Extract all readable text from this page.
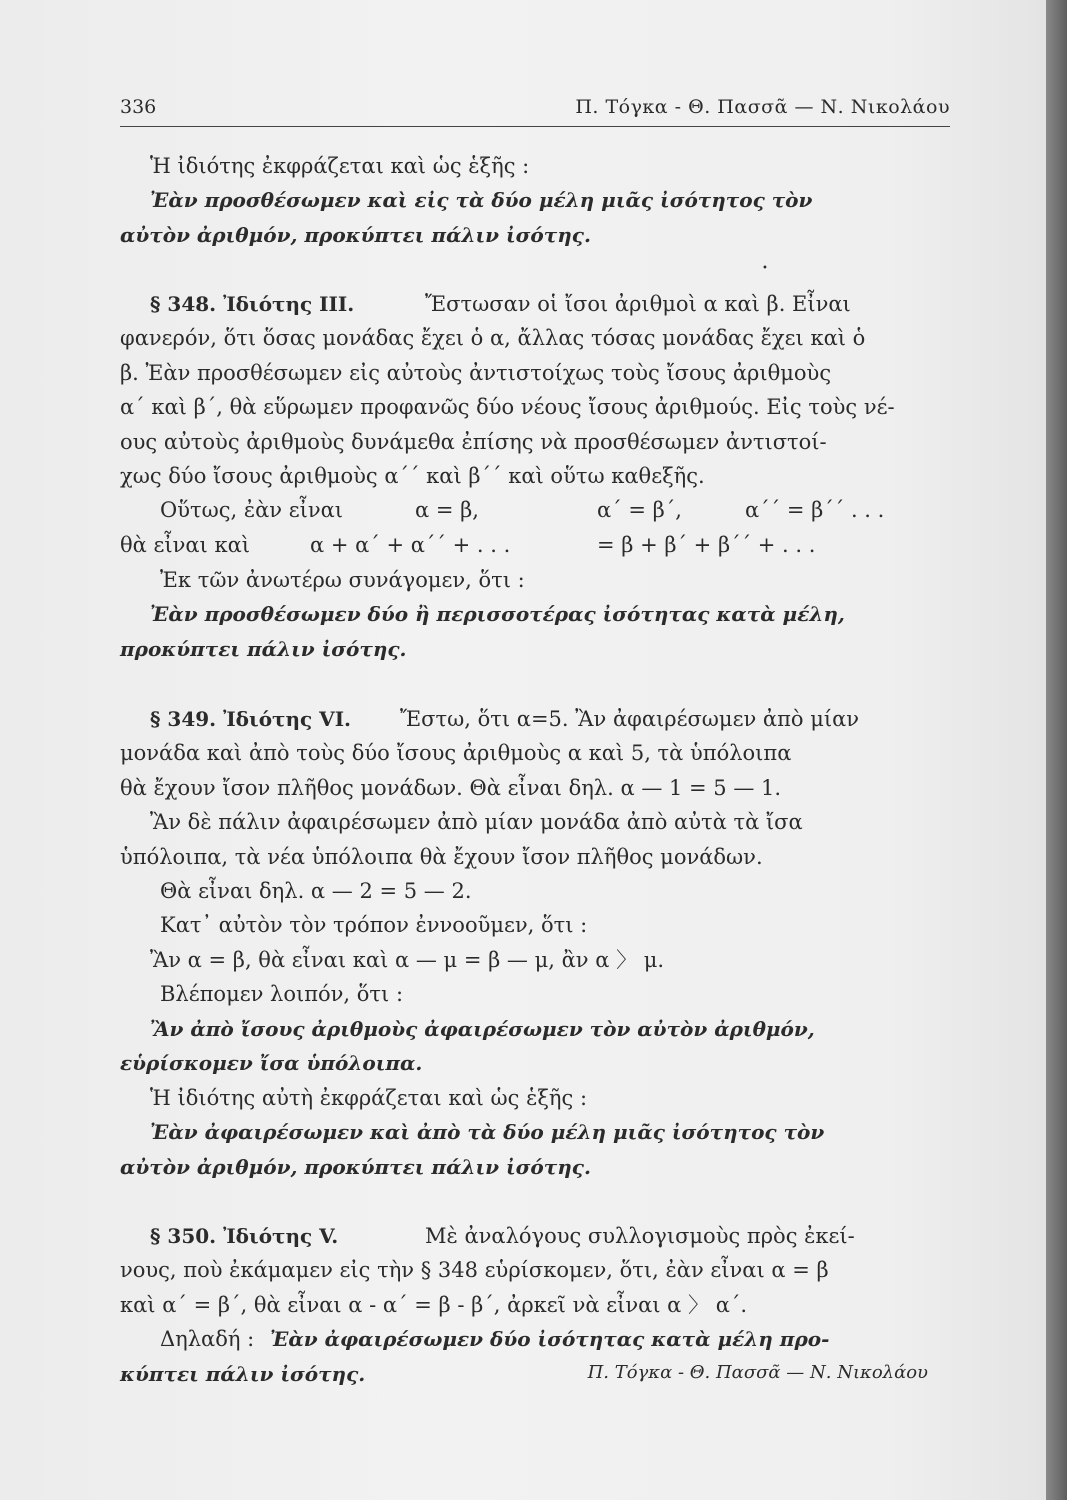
336	Π. Τόγκα - Θ. Πασσᾶ — Ν. Νικολάου
•
Ἡ ἰδιότης ἐκφράζεται καὶ ὡς ἑξῆς :
Ἐὰν προσθέσωμεν καὶ εἰς τὰ δύο μέλη μιᾶς ἰσότητος τὸν
αὐτὸν ἀριθμόν, προκύπτει πάλιν ἰσότης.
§ 348. Ἰδιότης ΙΙΙ.	Ἔστωσαν οἱ ἴσοι ἀριθμοὶ α καὶ β. Εἶναι
φανερόν, ὅτι ὅσας μονάδας ἔχει ὁ α, ἄλλας τόσας μονάδας ἔχει καὶ ὁ
β. Ἐὰν προσθέσωμεν εἰς αὐτοὺς ἀντιστοίχως τοὺς ἴσους ἀριθμοὺς
α΄ καὶ β΄, θὰ εὕρωμεν προφανῶς δύο νέους ἴσους ἀριθμούς. Εἰς τοὺς νέ-
ους αὐτοὺς ἀριθμοὺς δυνάμεθα ἐπίσης νὰ προσθέσωμεν ἀντιστοί-
χως δύο ἴσους ἀριθμοὺς α΄΄ καὶ β΄΄ καὶ οὕτω καθεξῆς.
Οὕτως, ἐὰν εἶναι	α = β,	α΄ = β΄,	α΄΄ = β΄΄ . . .
θὰ εἶναι καὶ	α + α΄ + α΄΄ + . . .	= β + β΄ + β΄΄ + . . .
Ἐκ τῶν ἀνωτέρω συνάγομεν, ὅτι :
Ἐὰν προσθέσωμεν δύο ἢ περισσοτέρας ἰσότητας κατὰ μέλη,
προκύπτει πάλιν ἰσότης.
§ 349. Ἰδιότης VI. Ἔστω, ὅτι α=5. Ἂν ἀφαιρέσωμεν ἀπὸ μίαν
μονάδα καὶ ἀπὸ τοὺς δύο ἴσους ἀριθμοὺς α καὶ 5, τὰ ὑπόλοιπα
θὰ ἔχουν ἴσον πλῆθος μονάδων. Θὰ εἶναι δηλ. α — 1 = 5 — 1.
Ἂν δὲ πάλιν ἀφαιρέσωμεν ἀπὸ μίαν μονάδα ἀπὸ αὐτὰ τὰ ἴσα
ὑπόλοιπα, τὰ νέα ὑπόλοιπα θὰ ἔχουν ἴσον πλῆθος μονάδων.
Θὰ εἶναι δηλ. α — 2 = 5 — 2.
Κατ᾽ αὐτὸν τὸν τρόπον ἐννοοῦμεν, ὅτι :
Ἂν α = β, θὰ εἶναι καὶ α — μ = β — μ, ἂν α 〉 μ.
Βλέπομεν λοιπόν, ὅτι :
Ἂν ἀπὸ ἴσους ἀριθμοὺς ἀφαιρέσωμεν τὸν αὐτὸν ἀριθμόν,
εὑρίσκομεν ἴσα ὑπόλοιπα.
Ἡ ἰδιότης αὐτὴ ἐκφράζεται καὶ ὡς ἑξῆς :
Ἐὰν ἀφαιρέσωμεν καὶ ἀπὸ τὰ δύο μέλη μιᾶς ἰσότητος τὸν
αὐτὸν ἀριθμόν, προκύπτει πάλιν ἰσότης.
§ 350. Ἰδιότης V.	Μὲ ἀναλόγους συλλογισμοὺς πρὸς ἐκεί-
νους, ποὺ ἐκάμαμεν εἰς τὴν § 348 εὑρίσκομεν, ὅτι, ἐὰν εἶναι α = β
καὶ α΄ = β΄, θὰ εἶναι α - α΄ = β - β΄, ἀρκεῖ νὰ εἶναι α 〉 α΄.
Δηλαδή : Ἐὰν ἀφαιρέσωμεν δύο ἰσότητας κατὰ μέλη προ-
κύπτει πάλιν ἰσότης.	Π. Τόγκα - Θ. Πασσᾶ — Ν. Νικολάου
